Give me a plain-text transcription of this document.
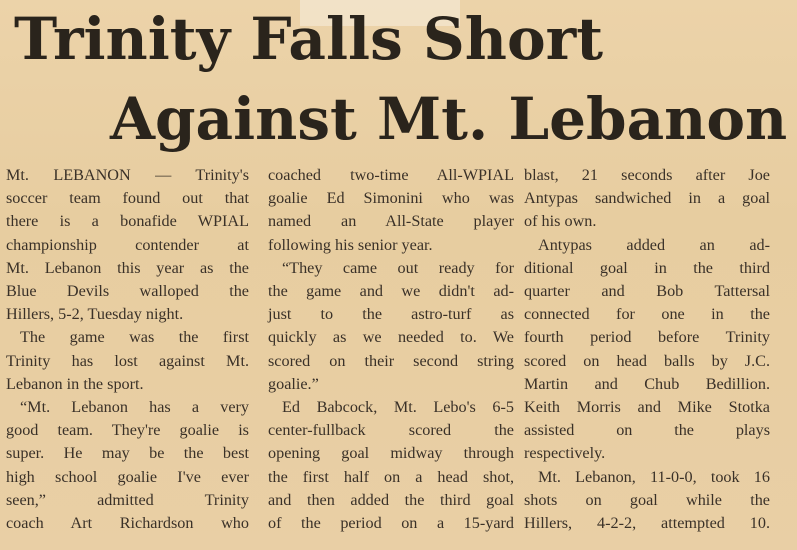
Trinity Falls Short
Against Mt. Lebanon

Mt. LEBANON — Trinity's

soccer team found out that

there is a bonafide WPIAL

championship contender at

Mt. Lebanon this year as the

Blue Devils walloped the

Hillers, 5-2, Tuesday night.

The game was the first

Trinity has lost against Mt.

Lebanon in the sport.

“Mt. Lebanon has a very

good team. They're goalie is

super. He may be the best

high school goalie I've ever

seen,” admitted Trinity

coach Art Richardson who

coached two-time All-WPIAL

goalie Ed Simonini who was

named an All-State player

following his senior year.

“They came out ready for

the game and we didn't ad-

just to the astro-turf as

quickly as we needed to. We

scored on their second string

goalie.”

Ed Babcock, Mt. Lebo's 6-5

center-fullback scored the

opening goal midway through

the first half on a head shot,

and then added the third goal

of the period on a 15-yard

blast, 21 seconds after Joe

Antypas sandwiched in a goal

of his own.

Antypas added an ad-

ditional goal in the third

quarter and Bob Tattersal

connected for one in the

fourth period before Trinity

scored on head balls by J.C.

Martin and Chub Bedillion.

Keith Morris and Mike Stotka

assisted on the plays

respectively.

Mt. Lebanon, 11-0-0, took 16

shots on goal while the

Hillers, 4-2-2, attempted 10.
